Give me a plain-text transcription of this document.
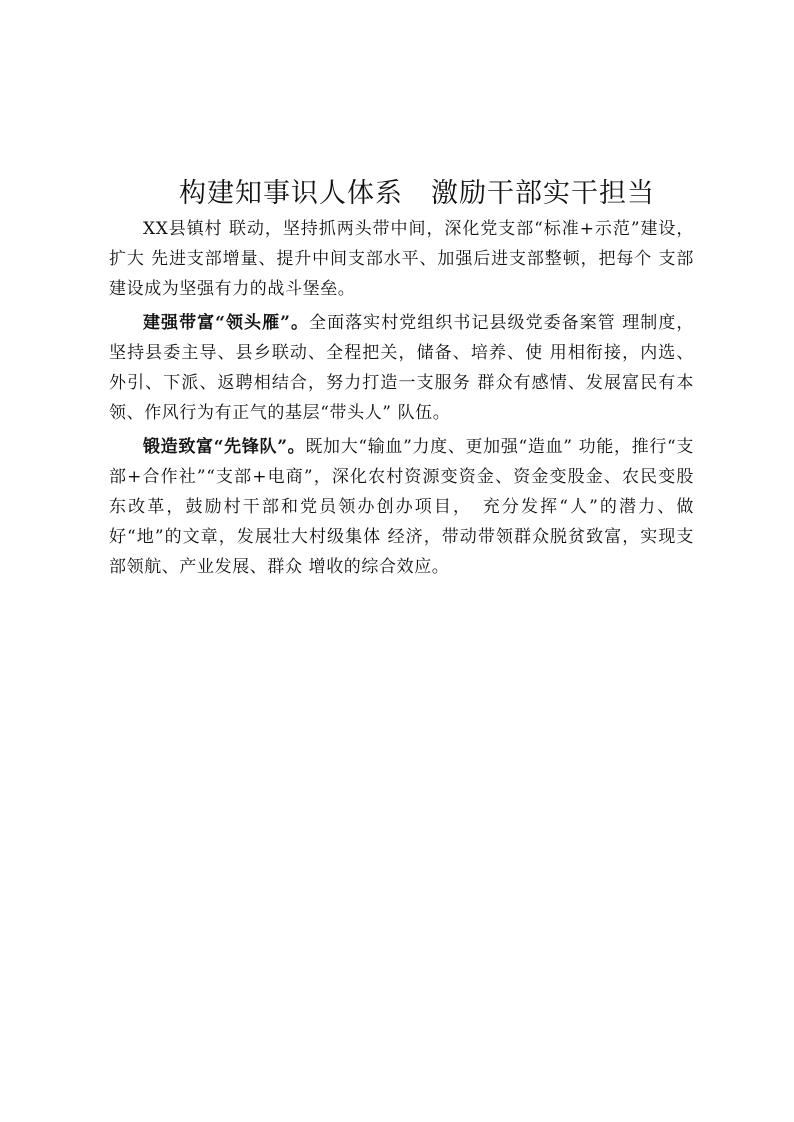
构建知事识人体系　激励干部实干担当

XX县镇村 联动，坚持抓两头带中间，深化党支部“标准+示范”建设，扩大 先进支部增量、提升中间支部水平、加强后进支部整顿，把每个 支部建设成为坚强有力的战斗堡垒。

建强带富“领头雁”。全面落实村党组织书记县级党委备案管 理制度，坚持县委主导、县乡联动、全程把关，储备、培养、使 用相衔接，内选、外引、下派、返聘相结合，努力打造一支服务 群众有感情、发展富民有本领、作风行为有正气的基层“带头人” 队伍。

锻造致富“先锋队”。既加大“输血”力度、更加强“造血” 功能，推行“支部+合作社”“支部+电商”，深化农村资源变资金、资金变股金、农民变股东改革，鼓励村干部和党员领办创办项目，　充分发挥“人”的潜力、做好“地”的文章，发展壮大村级集体 经济，带动带领群众脱贫致富，实现支部领航、产业发展、群众 增收的综合效应。
